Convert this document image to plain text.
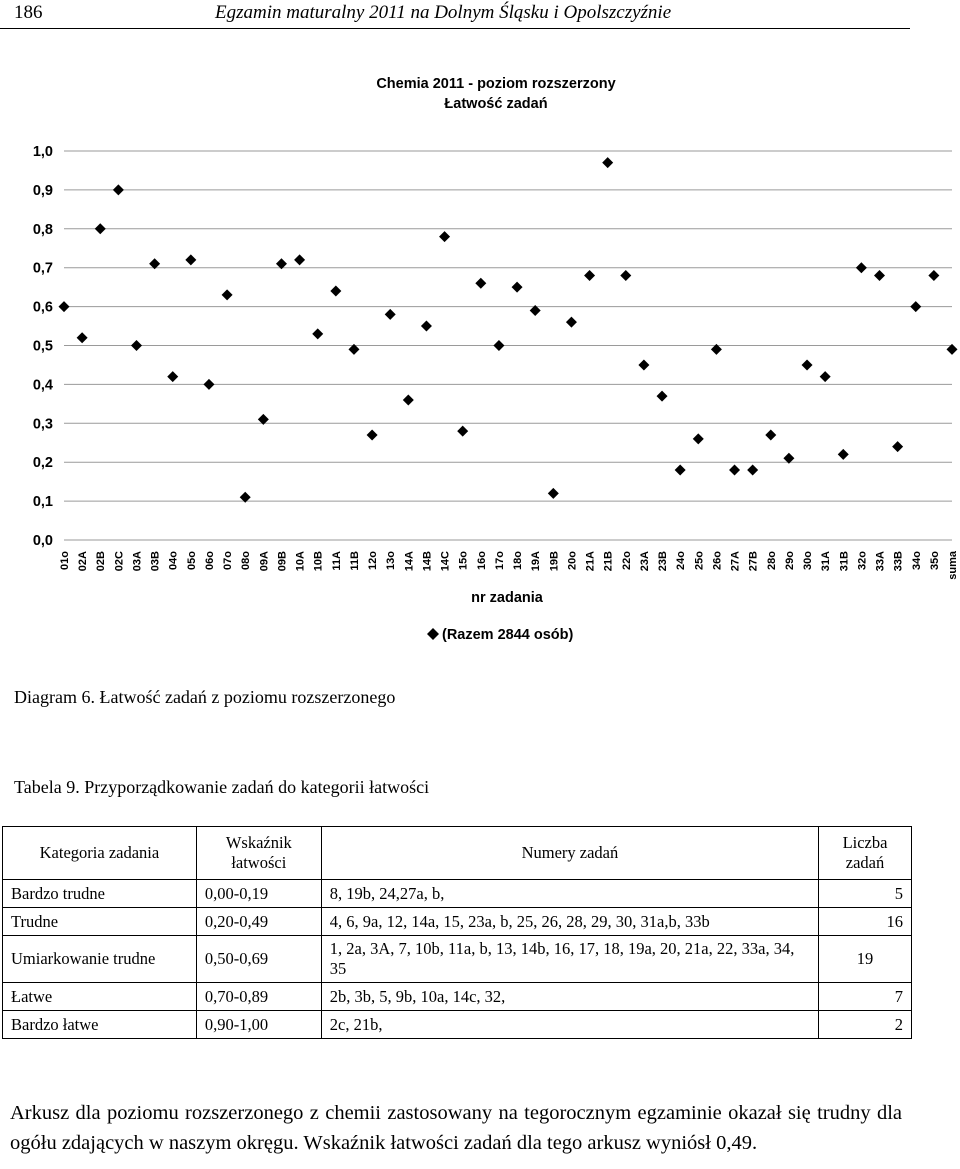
186	Egzamin maturalny 2011 na Dolnym Śląsku i Opolszczyźnie
Chemia 2011 - poziom rozszerzony
Łatwość zadań
0,0
0,1
0,2
0,3
0,4
0,5
0,6
0,7
0,8
0,9
1,0
01o 02A 02B 02C 03A 03B 04o 05o 06o 07o 08o 09A 09B 10A 10B 11A 11B 12o 13o 14A 14B 14C 15o 16o 17o 18o 19A 19B 20o 21A 21B 22o 23A 23B 24o 25o 26o 27A 27B 28o 29o 30o 31A 31B 32o 33A 33B 34o 35o suma
nr zadania
(Razem 2844 osób)
Diagram 6. Łatwość zadań z poziomu rozszerzonego
Tabela 9. Przyporządkowanie zadań do kategorii łatwości
Kategoria zadania	Wskaźnik łatwości	Numery zadań	Liczba zadań
Bardzo trudne	0,00-0,19	8, 19b, 24,27a, b,	5
Trudne	0,20-0,49	4, 6, 9a, 12, 14a, 15, 23a, b, 25, 26, 28, 29, 30, 31a,b, 33b	16
Umiarkowanie trudne	0,50-0,69	1, 2a, 3A, 7, 10b, 11a, b, 13, 14b, 16, 17, 18, 19a, 20, 21a, 22, 33a, 34, 35	19
Łatwe	0,70-0,89	2b, 3b, 5, 9b, 10a, 14c, 32,	7
Bardzo łatwe	0,90-1,00	2c, 21b,	2

Arkusz dla poziomu rozszerzonego z chemii zastosowany na tegorocznym egzaminie okazał się trudny dla ogółu zdających w naszym okręgu. Wskaźnik łatwości zadań dla tego arkusz wyniósł 0,49.
